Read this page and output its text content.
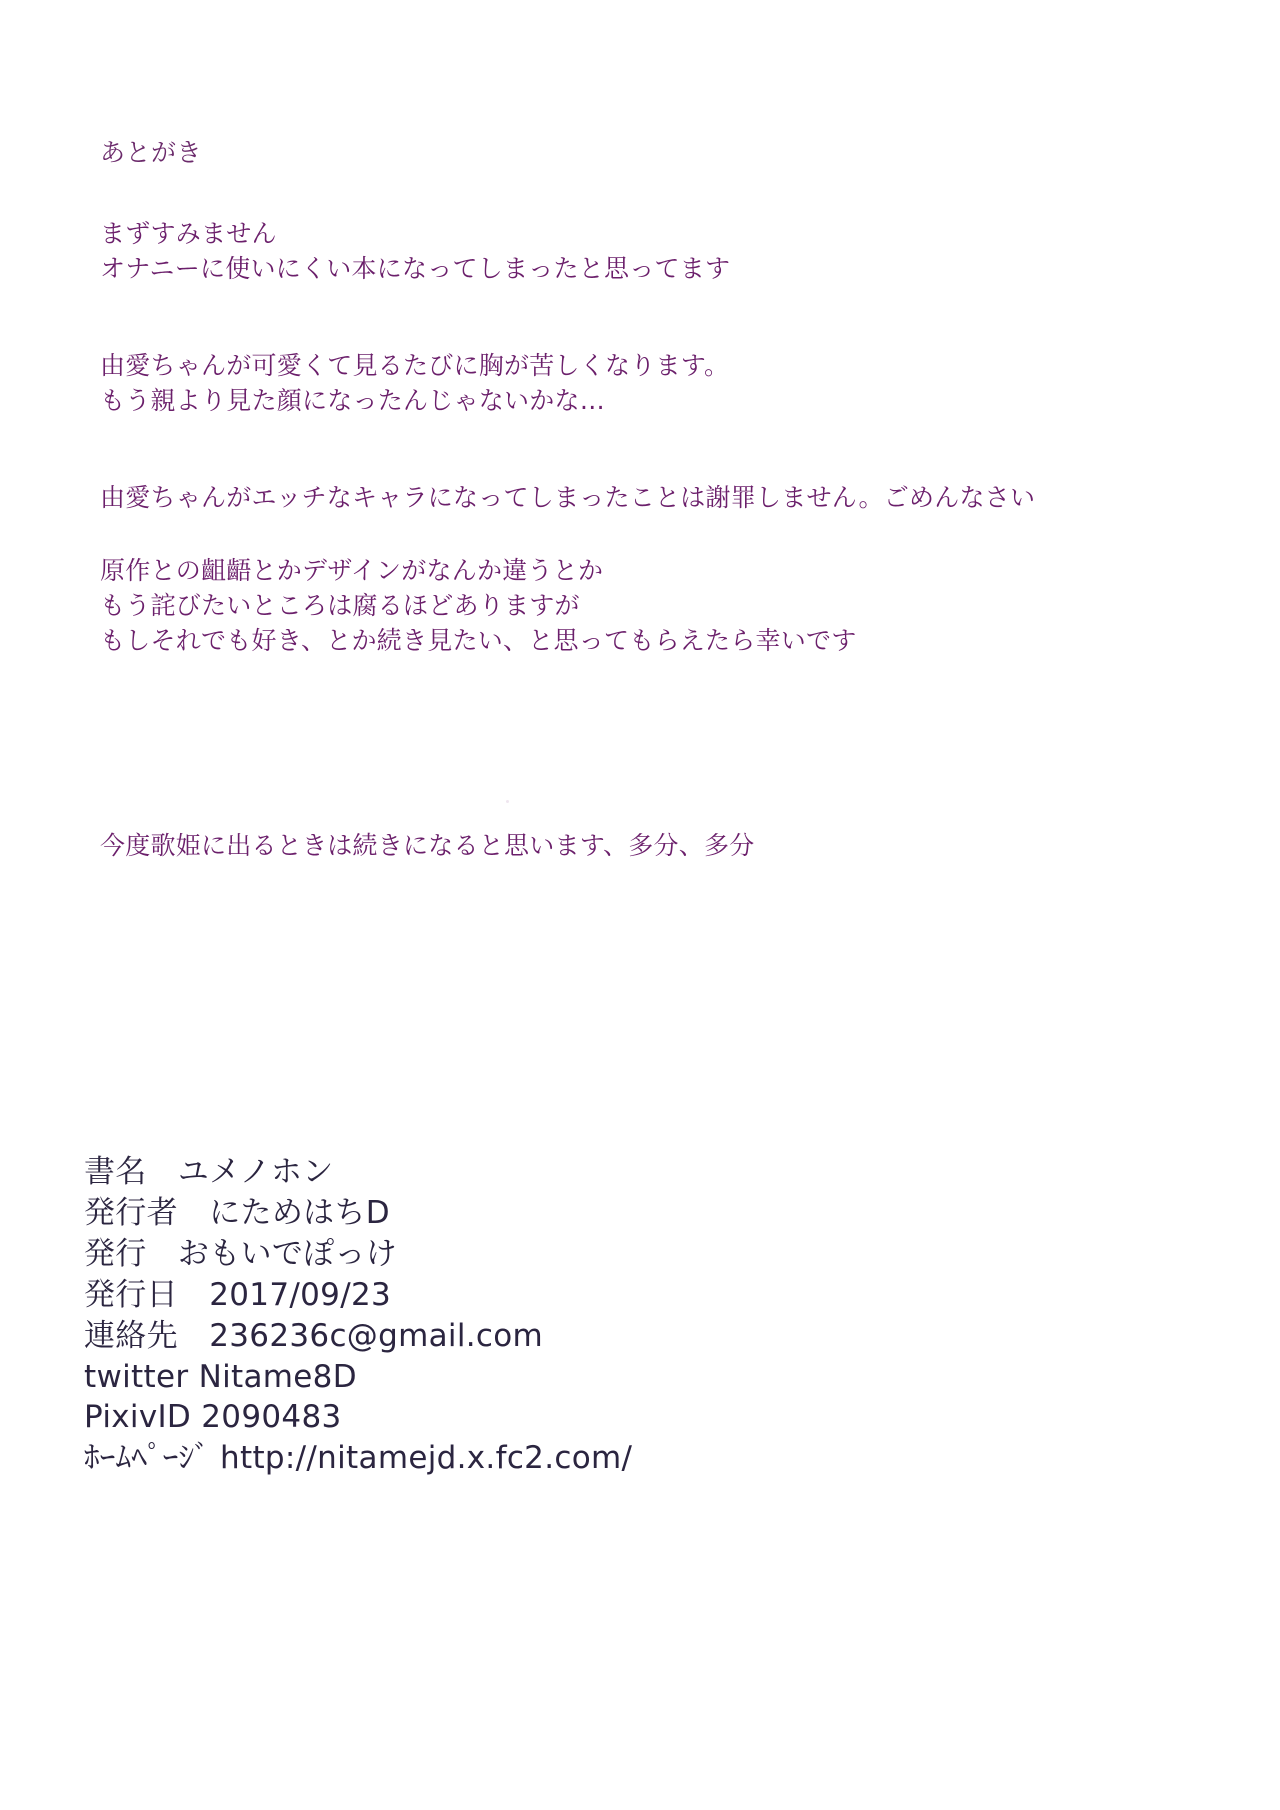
あとがき
まずすみません
オナニーに使いにくい本になってしまったと思ってます
由愛ちゃんが可愛くて見るたびに胸が苦しくなります。
もう親より見た顔になったんじゃないかな…
由愛ちゃんがエッチなキャラになってしまったことは謝罪しません。ごめんなさい
原作との齟齬とかデザインがなんか違うとか
もう詫びたいところは腐るほどありますが
もしそれでも好き、とか続き見たい、と思ってもらえたら幸いです
今度歌姫に出るときは続きになると思います、多分、多分
書名　ユメノホン
発行者　にためはちD
発行　おもいでぽっけ
発行日　2017/09/23
連絡先　236236c@gmail.com
twitter Nitame8D
PixivID 2090483
ﾎｰﾑﾍﾟｰｼﾞ http://nitamejd.x.fc2.com/
